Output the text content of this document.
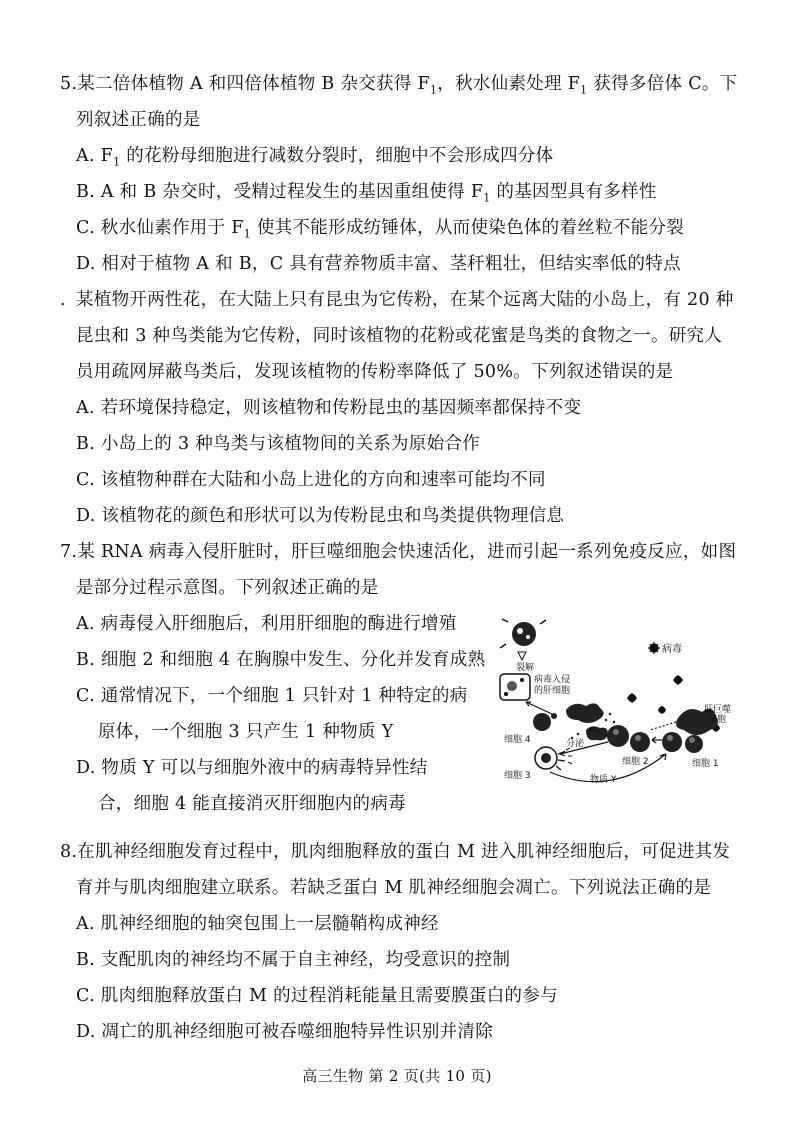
5.某二倍体植物 A 和四倍体植物 B 杂交获得 $F_1$，秋水仙素处理 $F_1$ 获得多倍体 C。下
列叙述正确的是
A. $F_1$ 的花粉母细胞进行减数分裂时，细胞中不会形成四分体
B. A 和 B 杂交时，受精过程发生的基因重组使得 $F_1$ 的基因型具有多样性
C. 秋水仙素作用于 $F_1$ 使其不能形成纺锤体，从而使染色体的着丝粒不能分裂
D. 相对于植物 A 和 B，C 具有营养物质丰富、茎秆粗壮，但结实率低的特点
. 某植物开两性花，在大陆上只有昆虫为它传粉，在某个远离大陆的小岛上，有 20 种
昆虫和 3 种鸟类能为它传粉，同时该植物的花粉或花蜜是鸟类的食物之一。研究人
员用疏网屏蔽鸟类后，发现该植物的传粉率降低了 50%。下列叙述错误的是
A. 若环境保持稳定，则该植物和传粉昆虫的基因频率都保持不变
B. 小岛上的 3 种鸟类与该植物间的关系为原始合作
C. 该植物种群在大陆和小岛上进化的方向和速率可能均不同
D. 该植物花的颜色和形状可以为传粉昆虫和鸟类提供物理信息
7.某 RNA 病毒入侵肝脏时，肝巨噬细胞会快速活化，进而引起一系列免疫反应，如图
是部分过程示意图。下列叙述正确的是
A. 病毒侵入肝细胞后，利用肝细胞的酶进行增殖
B. 细胞 2 和细胞 4 在胸腺中发生、分化并发育成熟
C. 通常情况下，一个细胞 1 只针对 1 种特定的病
原体，一个细胞 3 只产生 1 种物质 Y
D. 物质 Y 可以与细胞外液中的病毒特异性结
合，细胞 4 能直接消灭肝细胞内的病毒
裂解
病毒入侵
的肝细胞
病毒
肝巨噬
细胞
细胞 4
细胞 2	细胞 1
细胞 3
分泌
物质 Y
8.在肌神经细胞发育过程中，肌肉细胞释放的蛋白 M 进入肌神经细胞后，可促进其发
育并与肌肉细胞建立联系。若缺乏蛋白 M 肌神经细胞会凋亡。下列说法正确的是
A. 肌神经细胞的轴突包围上一层髓鞘构成神经
B. 支配肌肉的神经均不属于自主神经，均受意识的控制
C. 肌肉细胞释放蛋白 M 的过程消耗能量且需要膜蛋白的参与
D. 凋亡的肌神经细胞可被吞噬细胞特异性识别并清除
高三生物 第 2 页(共 10 页)
